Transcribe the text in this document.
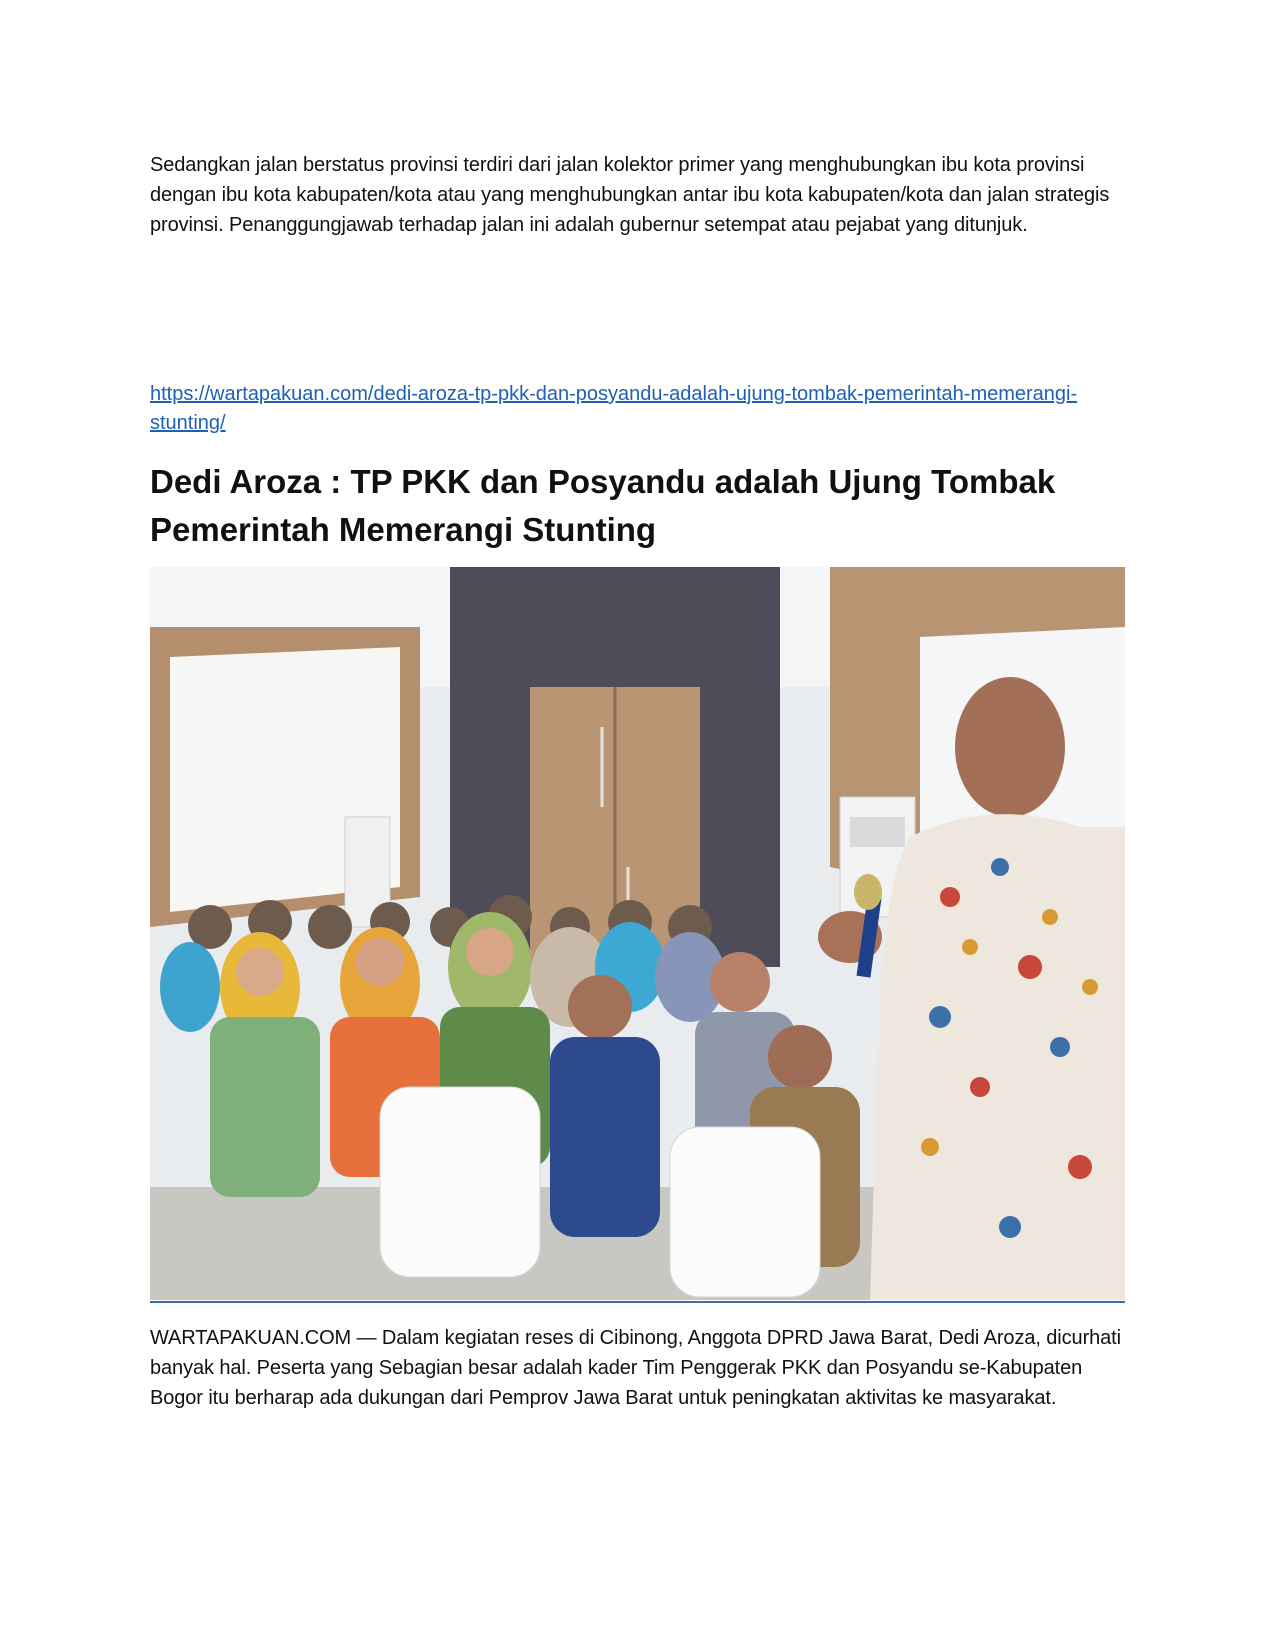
Sedangkan jalan berstatus provinsi terdiri dari jalan kolektor primer yang menghubungkan ibu kota provinsi dengan ibu kota kabupaten/kota atau yang menghubungkan antar ibu kota kabupaten/kota dan jalan strategis provinsi. Penanggungjawab terhadap jalan ini adalah gubernur setempat atau pejabat yang ditunjuk.

https://wartapakuan.com/dedi-aroza-tp-pkk-dan-posyandu-adalah-ujung-tombak-pemerintah-memerangi-stunting/
Dedi Aroza : TP PKK dan Posyandu adalah Ujung Tombak Pemerintah Memerangi Stunting

WARTAPAKUAN.COM — Dalam kegiatan reses di Cibinong, Anggota DPRD Jawa Barat, Dedi Aroza, dicurhati banyak hal. Peserta yang Sebagian besar adalah kader Tim Penggerak PKK dan Posyandu se-Kabupaten Bogor itu berharap ada dukungan dari Pemprov Jawa Barat untuk peningkatan aktivitas ke masyarakat.
